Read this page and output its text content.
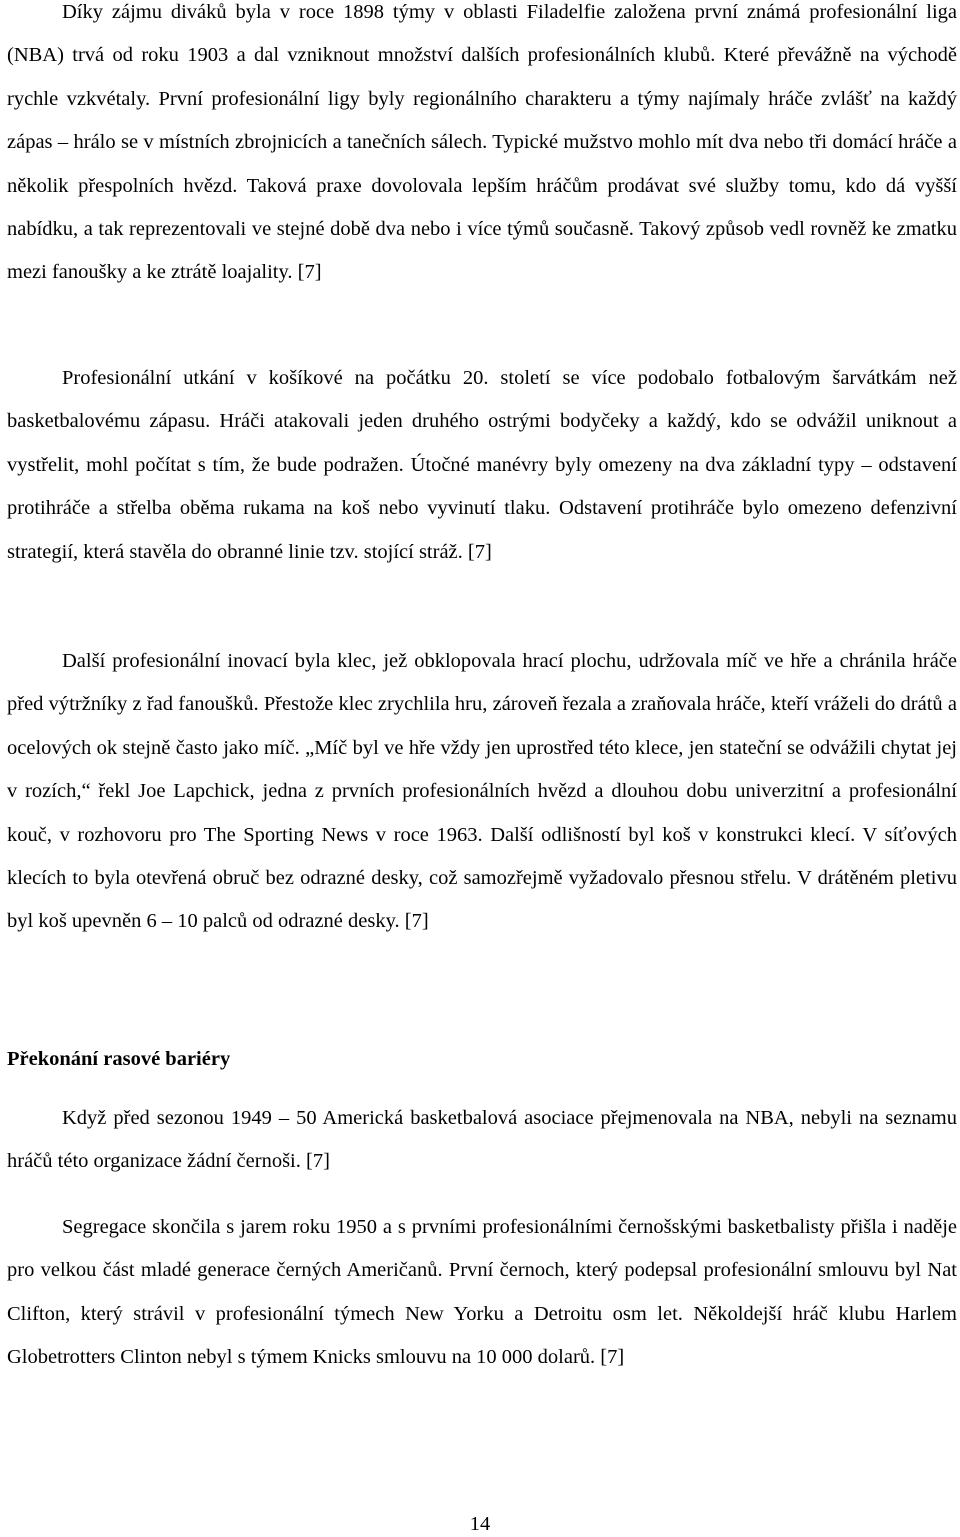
Díky zájmu diváků byla v roce 1898 týmy v oblasti Filadelfie založena první známá profesionální liga (NBA) trvá od roku 1903 a dal vzniknout množství dalších profesionálních klubů. Které převážně na východě rychle vzkvétaly. První profesionální ligy byly regionálního charakteru a týmy najímaly hráče zvlášť na každý zápas – hrálo se v místních zbrojnicích a tanečních sálech. Typické mužstvo mohlo mít dva nebo tři domácí hráče a několik přespolních hvězd. Taková praxe dovolovala lepším hráčům prodávat své služby tomu, kdo dá vyšší nabídku, a tak reprezentovali ve stejné době dva nebo i více týmů současně. Takový způsob vedl rovněž ke zmatku mezi fanoušky a ke ztrátě loajality. [7]

Profesionální utkání v košíkové na počátku 20. století se více podobalo fotbalovým šarvátkám než basketbalovému zápasu. Hráči atakovali jeden druhého ostrými bodyčeky a každý, kdo se odvážil uniknout a vystřelit, mohl počítat s tím, že bude podražen. Útočné manévry byly omezeny na dva základní typy – odstavení protihráče a střelba oběma rukama na koš nebo vyvinutí tlaku. Odstavení protihráče bylo omezeno defenzivní strategií, která stavěla do obranné linie tzv. stojící stráž. [7]

Další profesionální inovací byla klec, jež obklopovala hrací plochu, udržovala míč ve hře a chránila hráče před výtržníky z řad fanoušků. Přestože klec zrychlila hru, zároveň řezala a zraňovala hráče, kteří vráželi do drátů a ocelových ok stejně často jako míč. „Míč byl ve hře vždy jen uprostřed této klece, jen stateční se odvážili chytat jej v rozích,“ řekl Joe Lapchick, jedna z prvních profesionálních hvězd a dlouhou dobu univerzitní a profesionální kouč, v rozhovoru pro The Sporting News v roce 1963. Další odlišností byl koš v konstrukci klecí. V síťových klecích to byla otevřená obruč bez odrazné desky, což samozřejmě vyžadovalo přesnou střelu. V drátěném pletivu byl koš upevněn 6 – 10 palců od odrazné desky. [7]

Překonání rasové bariéry

Když před sezonou 1949 – 50 Americká basketbalová asociace přejmenovala na NBA, nebyli na seznamu hráčů této organizace žádní černoši. [7]

Segregace skončila s jarem roku 1950 a s prvními profesionálními černošskými basketbalisty přišla i naděje pro velkou část mladé generace černých Američanů. První černoch, který podepsal profesionální smlouvu byl Nat Clifton, který strávil v profesionální týmech New Yorku a Detroitu osm let. Několdejší hráč klubu Harlem Globetrotters Clinton nebyl s týmem Knicks smlouvu na 10 000 dolarů. [7]

14
